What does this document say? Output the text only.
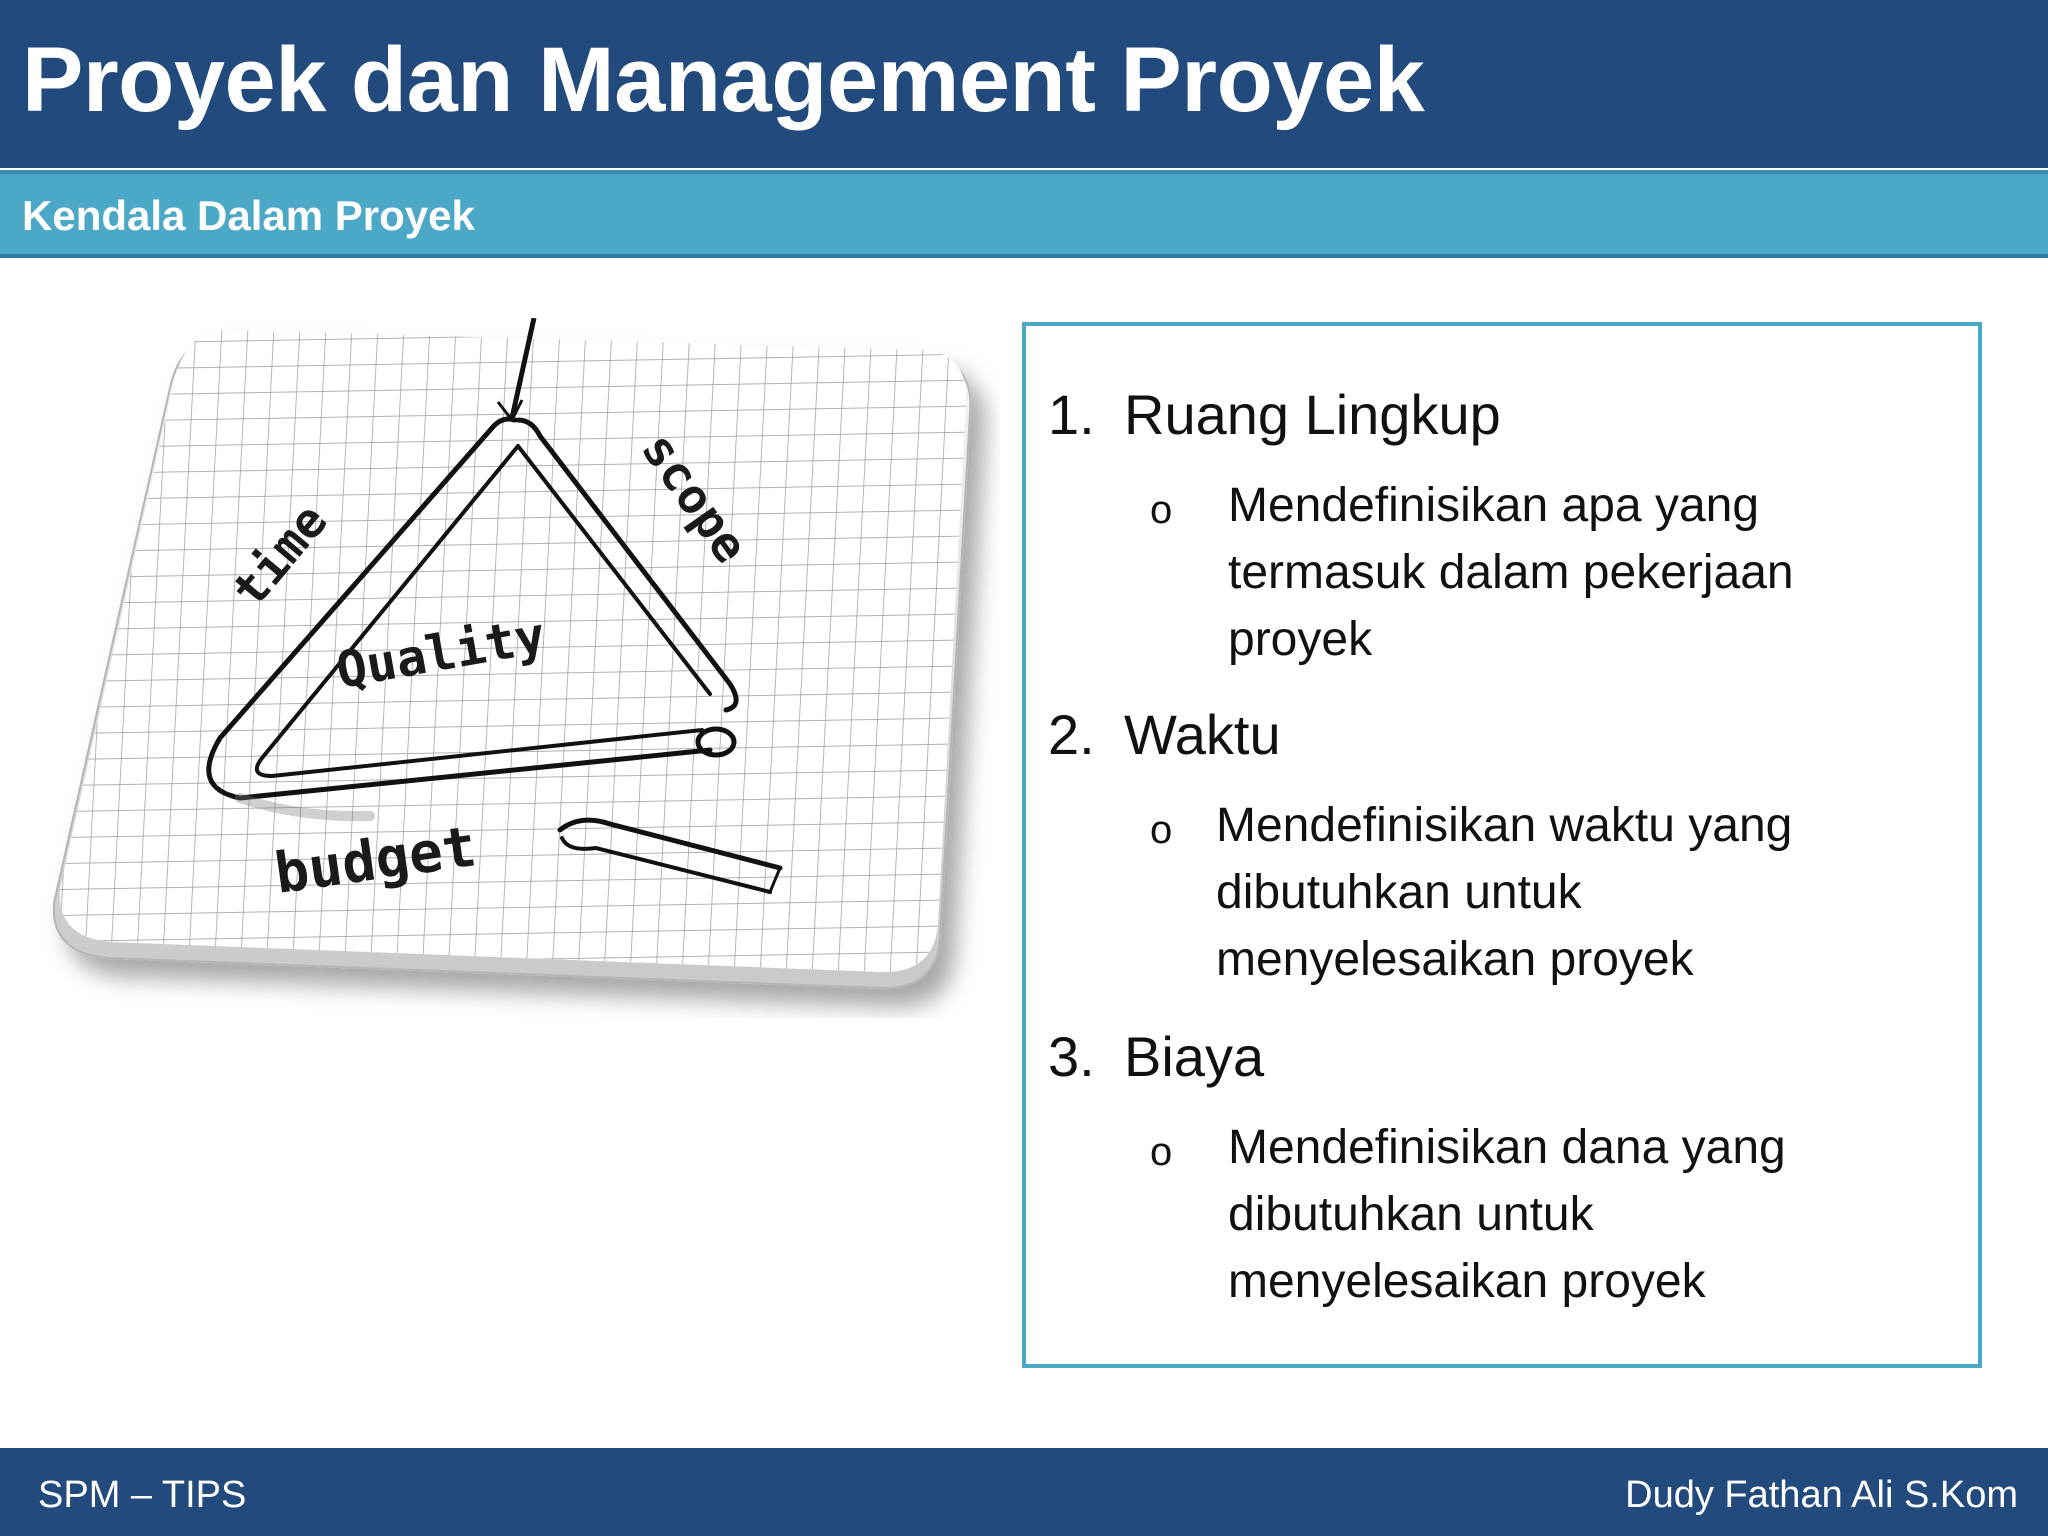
Proyek dan Management Proyek
Kendala Dalam Proyek
time	scope
Quality
budget
1. Ruang Lingkup
o Mendefinisikan apa yang
termasuk dalam pekerjaan
proyek
2. Waktu
o Mendefinisikan waktu yang
dibutuhkan untuk
menyelesaikan proyek
3. Biaya
o Mendefinisikan dana yang
dibutuhkan untuk
menyelesaikan proyek
SPM – TIPS	Dudy Fathan Ali S.Kom
